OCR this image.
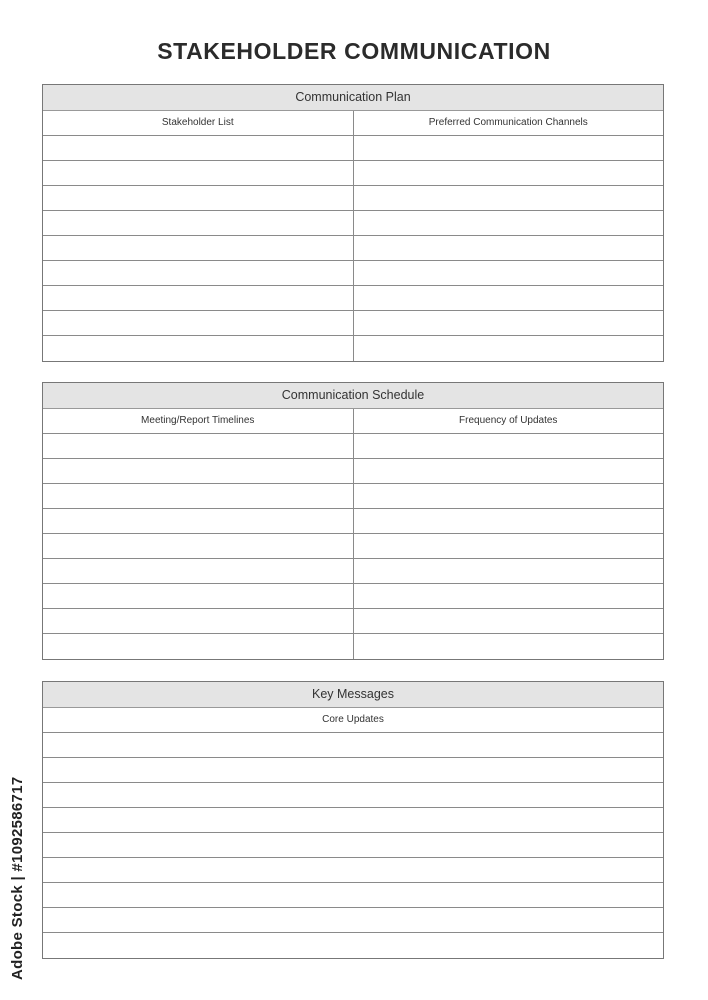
STAKEHOLDER COMMUNICATION
Communication Plan
Stakeholder List	Preferred Communication Channels
Communication Schedule
Meeting/Report Timelines	Frequency of Updates
Key Messages
Core Updates
Adobe Stock | #1092586717
